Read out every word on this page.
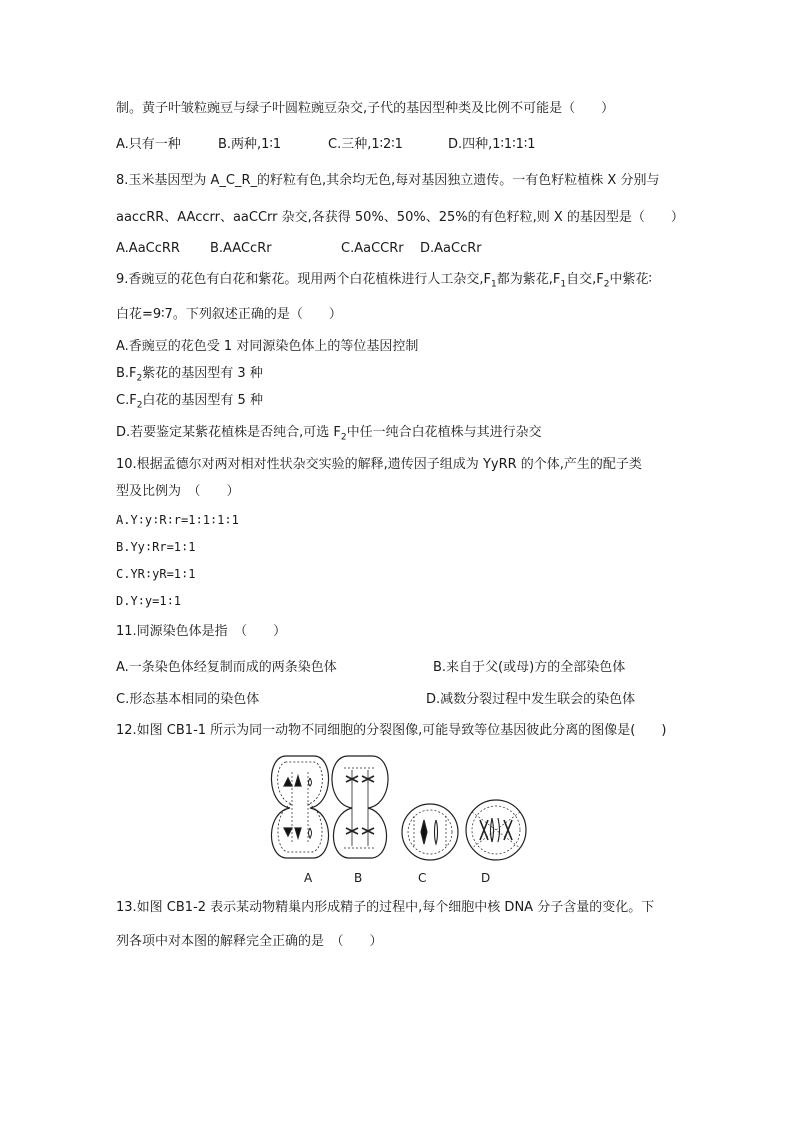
制。黄子叶皱粒豌豆与绿子叶圆粒豌豆杂交,子代的基因型种类及比例不可能是（　　）
A.只有一种	B.两种,1∶1	C.三种,1∶2∶1	D.四种,1∶1∶1∶1
8.玉米基因型为 A_C_R_的籽粒有色,其余均无色,每对基因独立遗传。一有色籽粒植株 X 分别与
aaccRR、AAccrr、aaCCrr 杂交,各获得 50%、50%、25%的有色籽粒,则 X 的基因型是（　　）
A.AaCcRR B.AACcRr	C.AaCCRr D.AaCcRr
9.香豌豆的花色有白花和紫花。现用两个白花植株进行人工杂交$,F_1$都为紫花$,F_1$自交$,F_2$中紫花∶
白花=9∶7。下列叙述正确的是（　　）
A.香豌豆的花色受 1 对同源染色体上的等位基因控制
$B.F_2$紫花的基因型有 3 种
$C.F_2$白花的基因型有 5 种
D.若要鉴定某紫花植株是否纯合,可选 $F_2$中任一纯合白花植株与其进行杂交
10.根据孟德尔对两对相对性状杂交实验的解释,遗传因子组成为 YyRR 的个体,产生的配子类
型及比例为　（　　）
A.Y∶y∶R∶r=1∶1∶1∶1
B.Yy∶Rr=1∶1
C.YR∶yR=1∶1
D.Y∶y=1∶1
11.同源染色体是指　（　　）
A.一条染色体经复制而成的两条染色体	B.来自于父(或母)方的全部染色体
C.形态基本相同的染色体	D.减数分裂过程中发生联会的染色体
12.如图 CB1-1 所示为同一动物不同细胞的分裂图像,可能导致等位基因彼此分离的图像是(　　)
A	B	C	D
13.如图 CB1-2 表示某动物精巢内形成精子的过程中,每个细胞中核 DNA 分子含量的变化。下
列各项中对本图的解释完全正确的是　（　　）
